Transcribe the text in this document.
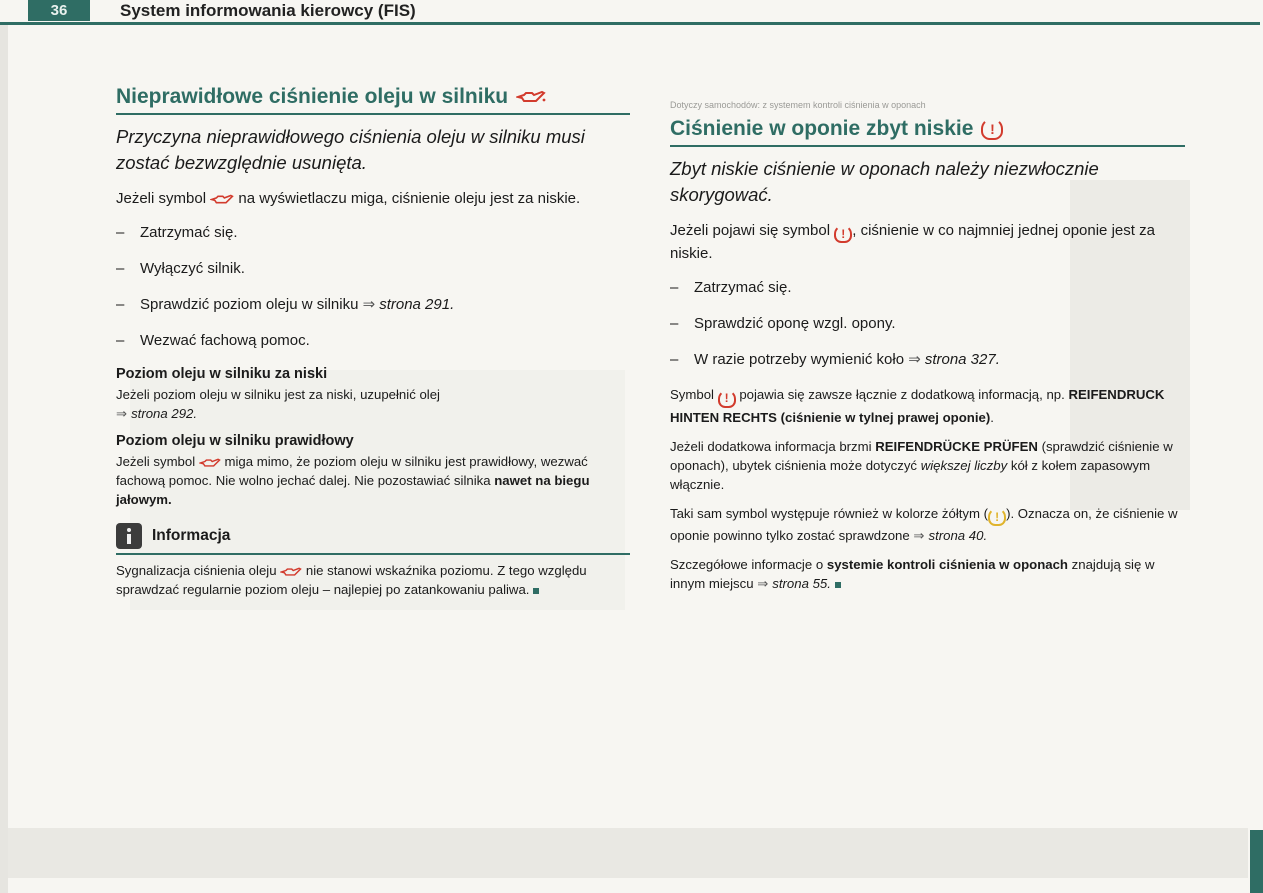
36	System informowania kierowcy (FIS)
Nieprawidłowe ciśnienie oleju w silniku

Przyczyna nieprawidłowego ciśnienia oleju w silniku musi zostać bezwzględnie usunięta.

Jeżeli symbol na wyświetlaczu miga, ciśnienie oleju jest za niskie.

–	Zatrzymać się.
–	Wyłączyć silnik.
–	Sprawdzić poziom oleju w silniku ⇒ strona 291.
–	Wezwać fachową pomoc.
Poziom oleju w silniku za niski

Jeżeli poziom oleju w silniku jest za niski, uzupełnić olej
⇒ strona 292.

Poziom oleju w silniku prawidłowy

Jeżeli symbol miga mimo, że poziom oleju w silniku jest prawidłowy, wezwać fachową pomoc. Nie wolno jechać dalej. Nie pozostawiać silnika nawet na biegu jałowym.

Informacja

Sygnalizacja ciśnienia oleju nie stanowi wskaźnika poziomu. Z tego względu sprawdzać regularnie poziom oleju – najlepiej po zatankowaniu paliwa.

Dotyczy samochodów: z systemem kontroli ciśnienia w oponach
Ciśnienie w oponie zbyt niskie	!

Zbyt niskie ciśnienie w oponach należy niezwłocznie skorygować.

Jeżeli pojawi się symbol ! , ciśnienie w co najmniej jednej oponie jest za niskie.

–	Zatrzymać się.
–	Sprawdzić oponę wzgl. opony.
–	W razie potrzeby wymienić koło ⇒ strona 327.

Symbol ! pojawia się zawsze łącznie z dodatkową informacją, np. REIFENDRUCK HINTEN RECHTS (ciśnienie w tylnej prawej oponie).

Jeżeli dodatkowa informacja brzmi REIFENDRÜCKE PRÜFEN (sprawdzić ciśnienie w oponach), ubytek ciśnienia może dotyczyć większej liczby kół z kołem zapasowym włącznie.

Taki sam symbol występuje również w kolorze żółtym ( ! ). Oznacza on, że ciśnienie w oponie powinno tylko zostać sprawdzone ⇒ strona 40.

Szczegółowe informacje o systemie kontroli ciśnienia w oponach znajdują się w innym miejscu ⇒ strona 55.
